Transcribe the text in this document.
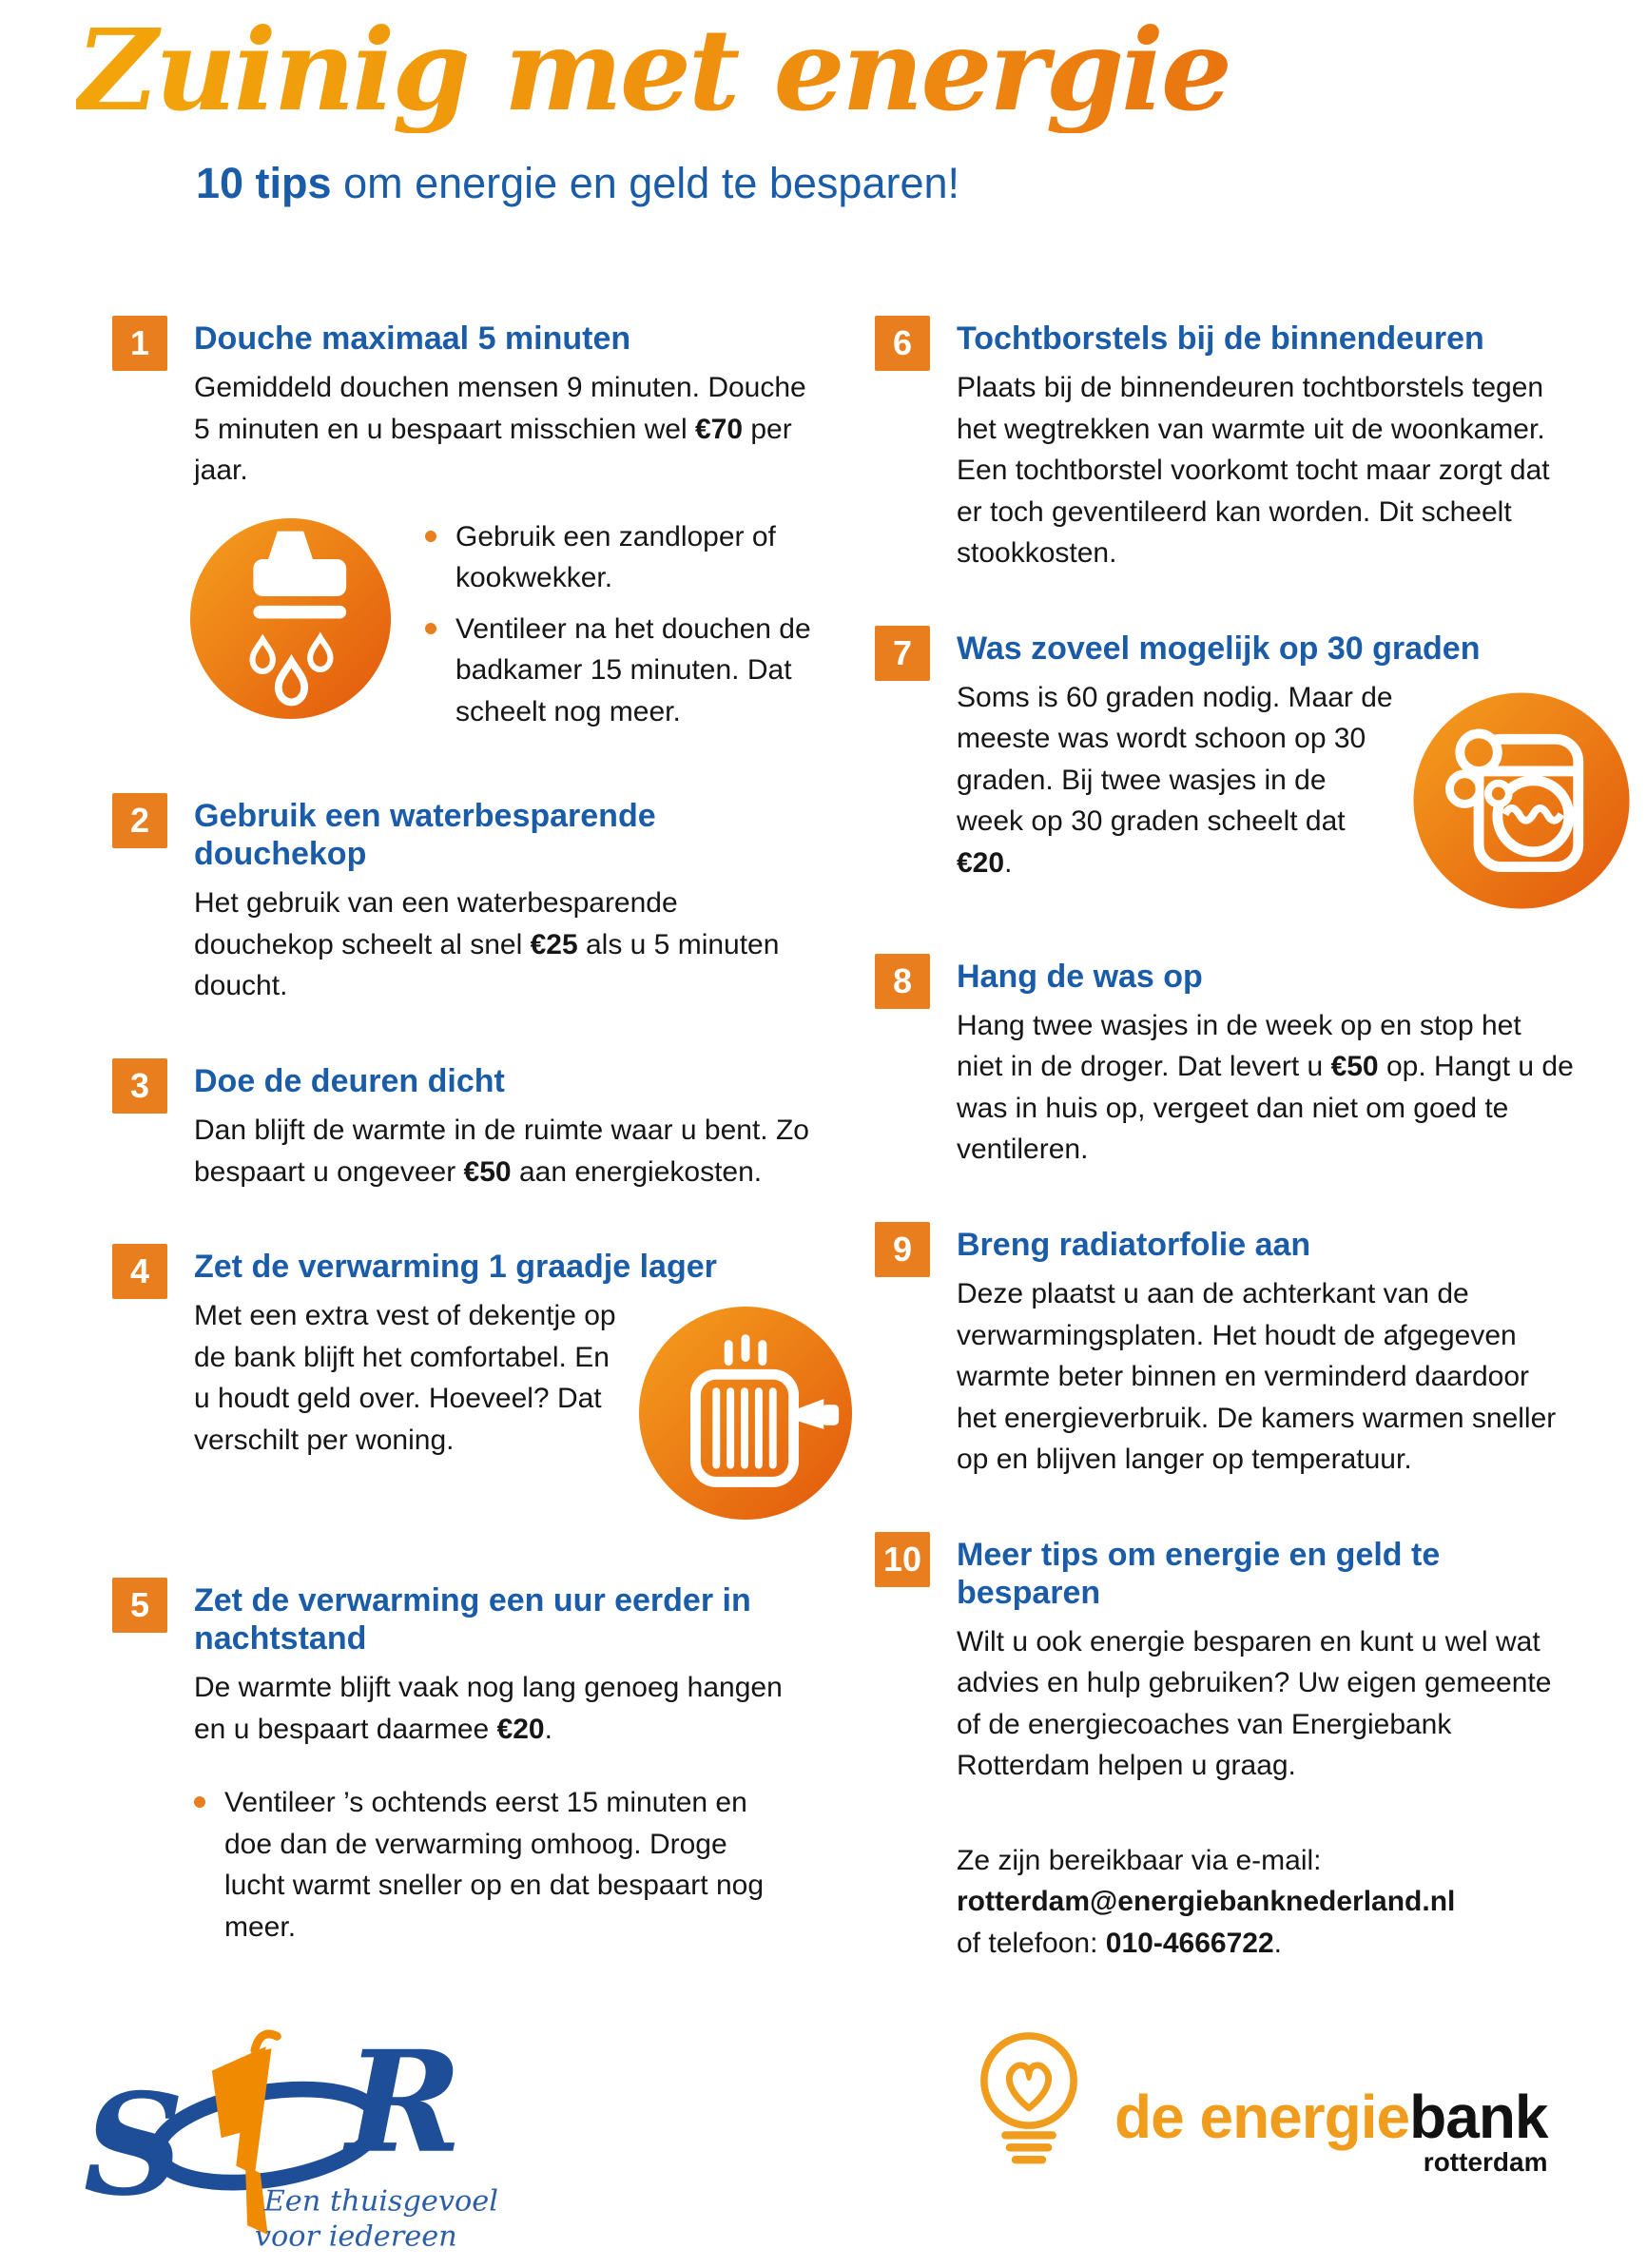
Zuinig met energie

10 tips om energie en geld te besparen!

1	Douche maximaal 5 minuten

Gemiddeld douchen mensen 9 minuten. Douche 5 minuten en u bespaart misschien wel €70 per jaar.

Gebruik een zandloper of kookwekker.
Ventileer na het douchen de badkamer 15 minuten. Dat scheelt nog meer.
2	Gebruik een waterbesparende douchekop

Het gebruik van een waterbesparende douchekop scheelt al snel €25 als u 5 minuten doucht.

3	Doe de deuren dicht

Dan blijft de warmte in de ruimte waar u bent. Zo bespaart u ongeveer €50 aan energiekosten.

4	Zet de verwarming 1 graadje lager

Met een extra vest of dekentje op de bank blijft het comfortabel. En u houdt geld over. Hoeveel? Dat verschilt per woning.

5	Zet de verwarming een uur eerder in nachtstand

De warmte blijft vaak nog lang genoeg hangen en u bespaart daarmee €20.

Ventileer ’s ochtends eerst 15 minuten en doe dan de verwarming omhoog. Droge lucht warmt sneller op en dat bespaart nog meer.
S R
Een thuisgevoel
voor iedereen
6	Tochtborstels bij de binnendeuren

Plaats bij de binnendeuren tochtborstels tegen het wegtrekken van warmte uit de woonkamer. Een tochtborstel voorkomt tocht maar zorgt dat er toch geventileerd kan worden. Dit scheelt stookkosten.

7	Was zoveel mogelijk op 30 graden

Soms is 60 graden nodig. Maar de meeste was wordt schoon op 30 graden. Bij twee wasjes in de week op 30 graden scheelt dat €20.

8	Hang de was op

Hang twee wasjes in de week op en stop het niet in de droger. Dat levert u €50 op. Hangt u de was in huis op, vergeet dan niet om goed te ventileren.

9	Breng radiatorfolie aan

Deze plaatst u aan de achterkant van de verwarmingsplaten. Het houdt de afgegeven warmte beter binnen en verminderd daardoor het energieverbruik. De kamers warmen sneller op en blijven langer op temperatuur.

10 Meer tips om energie en geld te besparen

Wilt u ook energie besparen en kunt u wel wat advies en hulp gebruiken? Uw eigen gemeente of de energiecoaches van Energiebank Rotterdam helpen u graag.

Ze zijn bereikbaar via e-mail:
rotterdam@energiebanknederland.nl
of telefoon: 010-4666722.

de energiebank
rotterdam
